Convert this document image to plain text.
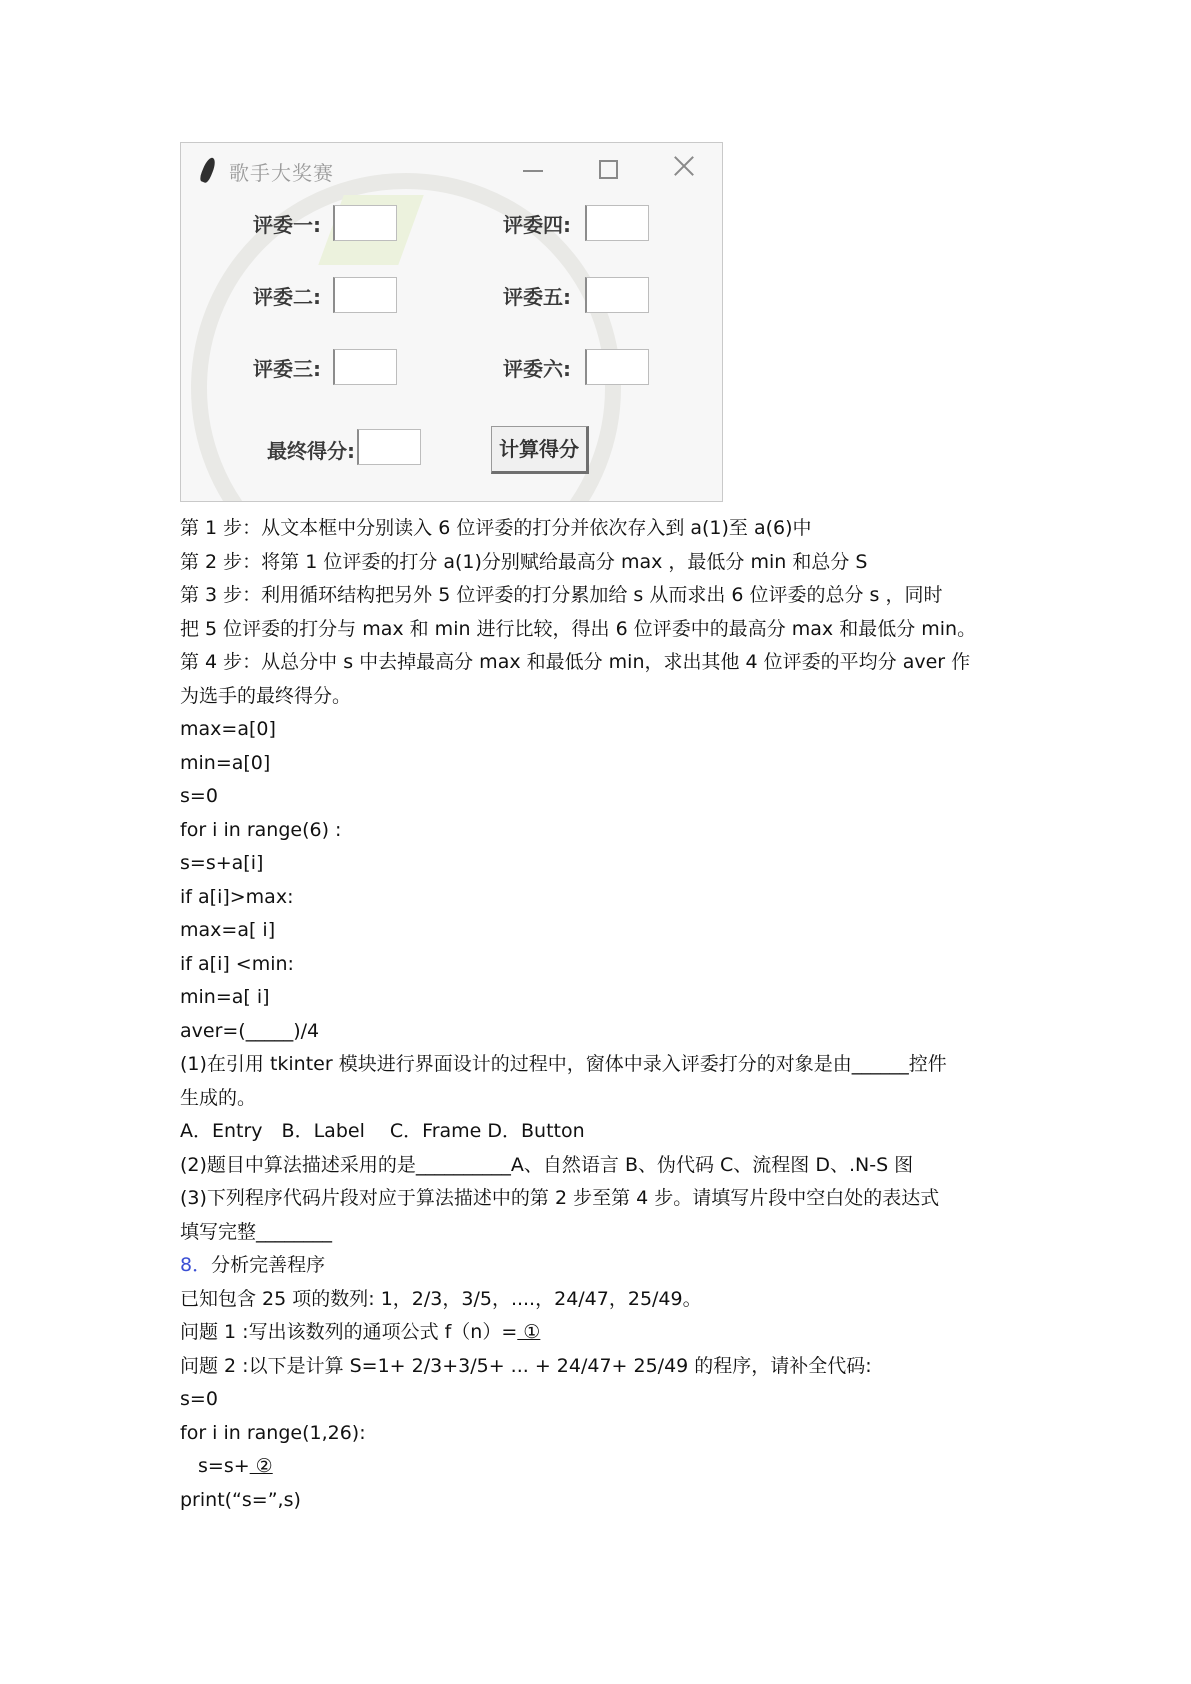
歌手大奖赛
评委一:
评委二:
评委三:
评委四:
评委五:
评委六:
最终得分:	计算得分

第 1 步：从文本框中分别读入 6 位评委的打分并依次存入到 a(1)至 a(6)中

第 2 步：将第 1 位评委的打分 a(1)分别赋给最高分 max ，最低分 min 和总分 S

第 3 步：利用循环结构把另外 5 位评委的打分累加给 s 从而求出 6 位评委的总分 s ，同时

把 5 位评委的打分与 max 和 min 进行比较，得出 6 位评委中的最高分 max 和最低分 min。

第 4 步：从总分中 s 中去掉最高分 max 和最低分 min，求出其他 4 位评委的平均分 aver 作

为选手的最终得分。

max=a[0]

min=a[0]

s=0

for i in range(6) :

s=s+a[i]

if a[i]>max:

max=a[ i]

if a[i] <min:

min=a[ i]

aver=(_____)/4

(1)在引用 tkinter 模块进行界面设计的过程中，窗体中录入评委打分的对象是由______控件

生成的。

A．Entry　B．Label　 C．Frame D．Button

(2)题目中算法描述采用的是__________A、自然语言 B、伪代码 C、流程图 D、.N-S 图

(3)下列程序代码片段对应于算法描述中的第 2 步至第 4 步。请填写片段中空白处的表达式

填写完整________

8．分析完善程序

已知包含 25 项的数列: 1，2/3，3/5，....，24/47，25/49。

问题 1 :写出该数列的通项公式 f（n）= ①

问题 2 :以下是计算 S=1+ 2/3+3/5+ ... + 24/47+ 25/49 的程序，请补全代码:

s=0

for i in range(1,26):

s=s+ ②

print(“s=”,s)
